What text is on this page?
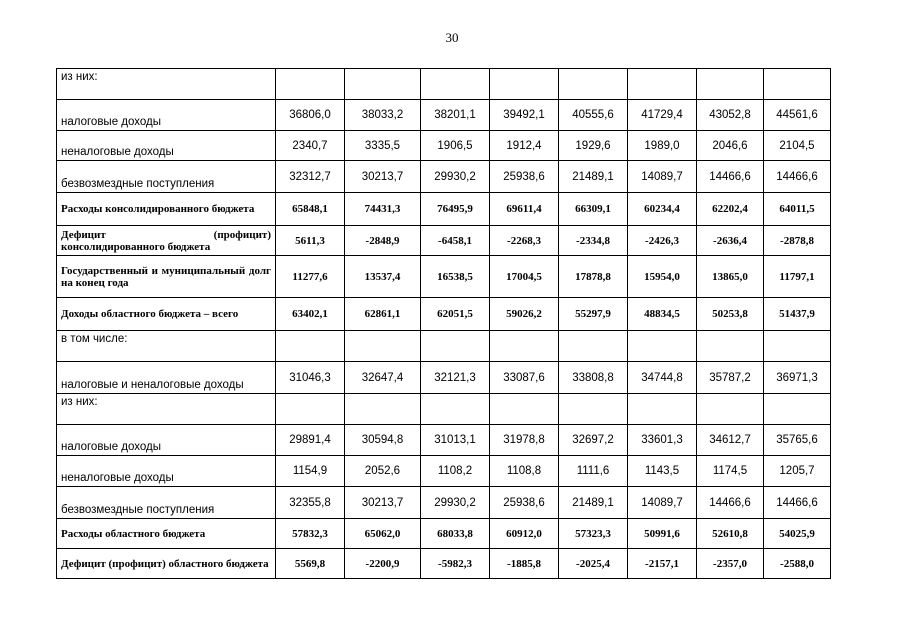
30
из них:								
налоговые доходы	36806,0	38033,2	38201,1	39492,1	40555,6	41729,4	43052,8	44561,6
неналоговые доходы	2340,7	3335,5	1906,5	1912,4	1929,6	1989,0	2046,6	2104,5
безвозмездные поступления	32312,7	30213,7	29930,2	25938,6	21489,1	14089,7	14466,6	14466,6
Расходы консолидированного бюджета	65848,1	74431,3	76495,9	69611,4	66309,1	60234,4	62202,4	64011,5
Дефицит (профицит) консолидированного бюджета	5611,3	-2848,9	-6458,1	-2268,3	-2334,8	-2426,3	-2636,4	-2878,8
Государственный и муниципальный долг на конец года	11277,6	13537,4	16538,5	17004,5	17878,8	15954,0	13865,0	11797,1
Доходы областного бюджета – всего	63402,1	62861,1	62051,5	59026,2	55297,9	48834,5	50253,8	51437,9
в том числе:								
налоговые и неналоговые доходы	31046,3	32647,4	32121,3	33087,6	33808,8	34744,8	35787,2	36971,3
из них:								
налоговые доходы	29891,4	30594,8	31013,1	31978,8	32697,2	33601,3	34612,7	35765,6
неналоговые доходы	1154,9	2052,6	1108,2	1108,8	1111,6	1143,5	1174,5	1205,7
безвозмездные поступления	32355,8	30213,7	29930,2	25938,6	21489,1	14089,7	14466,6	14466,6
Расходы областного бюджета	57832,3	65062,0	68033,8	60912,0	57323,3	50991,6	52610,8	54025,9
Дефицит (профицит) областного бюджета	5569,8	-2200,9	-5982,3	-1885,8	-2025,4	-2157,1	-2357,0	-2588,0
